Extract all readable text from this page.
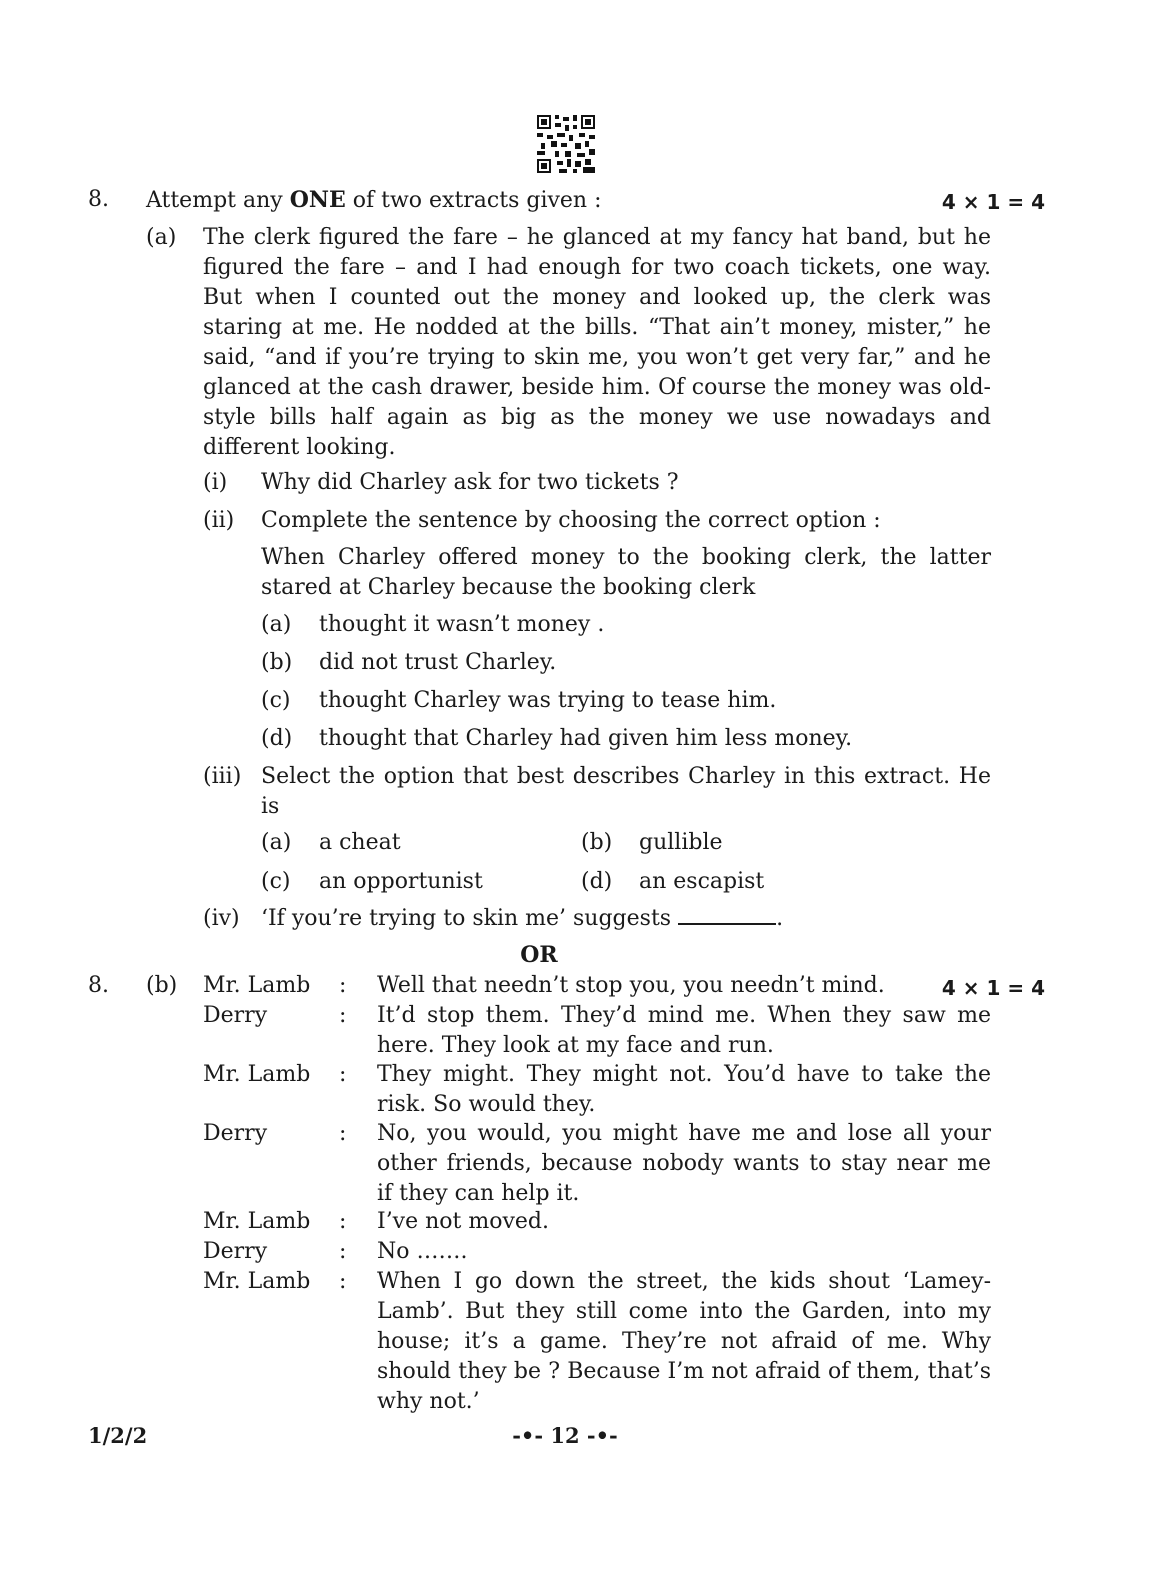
8. Attempt any ONE of two extracts given :	4 × 1 = 4
(a) The clerk figured the fare – he glanced at my fancy hat band, but he figured the fare – and I had enough for two coach tickets, one way. But when I counted out the money and looked up, the clerk was staring at me. He nodded at the bills. “That ain’t money, mister,” he said, “and if you’re trying to skin me, you won’t get very far,” and he glanced at the cash drawer, beside him. Of course the money was old-style bills half again as big as the money we use nowadays and different looking.
(i) Why did Charley ask for two tickets ?
(ii) Complete the sentence by choosing the correct option :
When Charley offered money to the booking clerk, the latter stared at Charley because the booking clerk
(a) thought it wasn’t money .
(b) did not trust Charley.
(c) thought Charley was trying to tease him.
(d) thought that Charley had given him less money.
(iii) Select the option that best describes Charley in this extract. He is
(a) a cheat	(b) gullible
(c) an opportunist	(d) an escapist
(iv) ‘If you’re trying to skin me’ suggests	.
OR
8. (b)	4 × 1 = 4
Mr. Lamb	: Well that needn’t stop you, you needn’t mind.
Derry	: It’d stop them. They’d mind me. When they saw me here. They look at my face and run.
Mr. Lamb	: They might. They might not. You’d have to take the risk. So would they.
Derry	: No, you would, you might have me and lose all your other friends, because nobody wants to stay near me if they can help it.
Mr. Lamb	: I’ve not moved.
Derry	: No …….
Mr. Lamb	: When I go down the street, the kids shout ‘Lamey-Lamb’. But they still come into the Garden, into my house; it’s a game. They’re not afraid of me. Why should they be ? Because I’m not afraid of them, that’s why not.’
1/2/2	-•- 12 -•-
